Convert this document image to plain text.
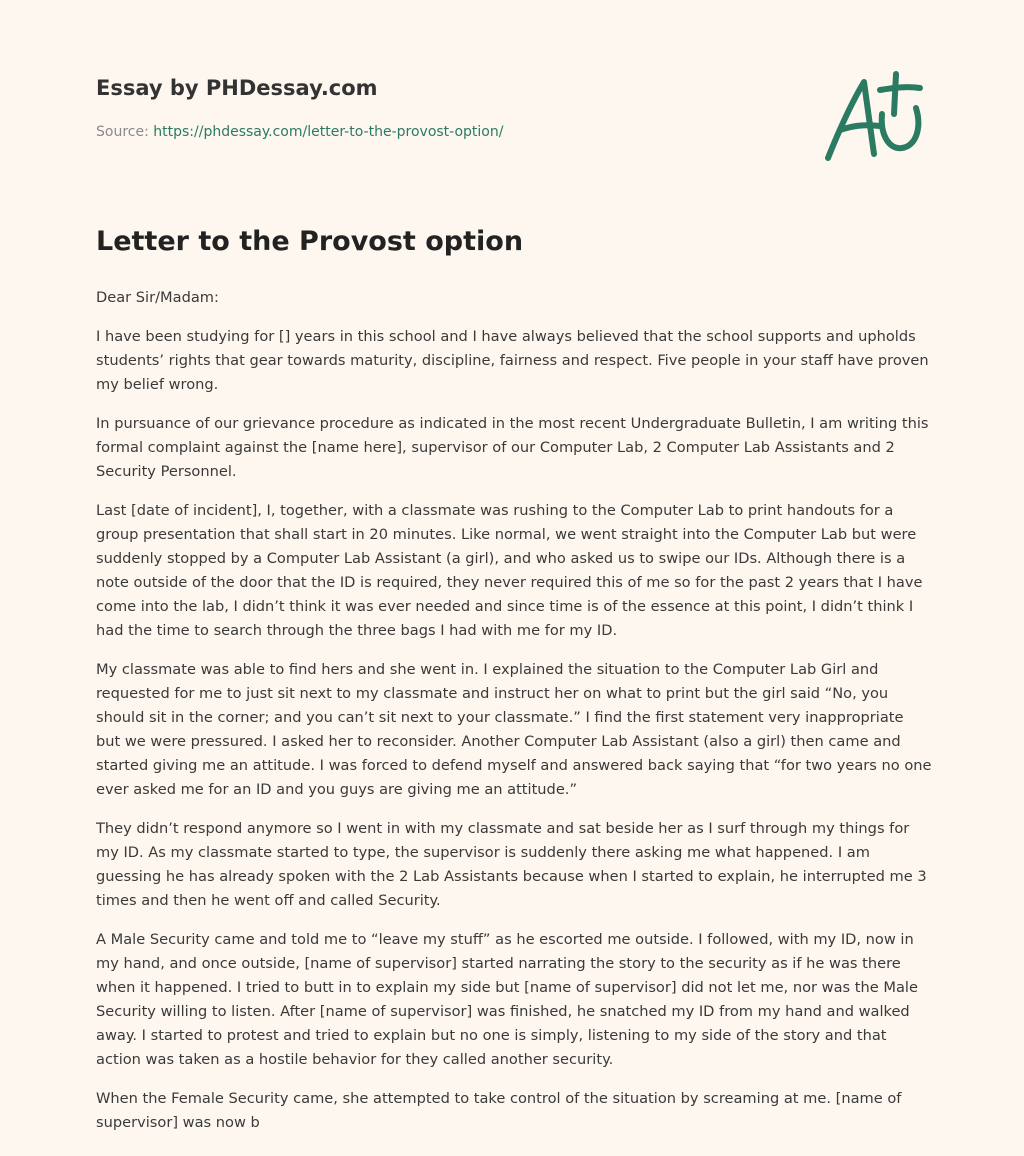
Essay by PHDessay.com
Source: https://phdessay.com/letter-to-the-provost-option/
Letter to the Provost option

Dear Sir/Madam:

I have been studying for [] years in this school and I have always believed that the school supports and upholds students’ rights that gear towards maturity, discipline, fairness and respect. Five people in your staff have proven my belief wrong.

In pursuance of our grievance procedure as indicated in the most recent Undergraduate Bulletin, I am writing this formal complaint against the [name here], supervisor of our Computer Lab, 2 Computer Lab Assistants and 2 Security Personnel.

Last [date of incident], I, together, with a classmate was rushing to the Computer Lab to print handouts for a group presentation that shall start in 20 minutes. Like normal, we went straight into the Computer Lab but were suddenly stopped by a Computer Lab Assistant (a girl), and who asked us to swipe our IDs. Although there is a note outside of the door that the ID is required, they never required this of me so for the past 2 years that I have come into the lab, I didn’t think it was ever needed and since time is of the essence at this point, I didn’t think I had the time to search through the three bags I had with me for my ID.

My classmate was able to find hers and she went in. I explained the situation to the Computer Lab Girl and requested for me to just sit next to my classmate and instruct her on what to print but the girl said “No, you should sit in the corner; and you can’t sit next to your classmate.” I find the first statement very inappropriate but we were pressured. I asked her to reconsider. Another Computer Lab Assistant (also a girl) then came and started giving me an attitude. I was forced to defend myself and answered back saying that “for two years no one ever asked me for an ID and you guys are giving me an attitude.”

They didn’t respond anymore so I went in with my classmate and sat beside her as I surf through my things for my ID. As my classmate started to type, the supervisor is suddenly there asking me what happened. I am guessing he has already spoken with the 2 Lab Assistants because when I started to explain, he interrupted me 3 times and then he went off and called Security.

A Male Security came and told me to “leave my stuff” as he escorted me outside. I followed, with my ID, now in my hand, and once outside, [name of supervisor] started narrating the story to the security as if he was there when it happened. I tried to butt in to explain my side but [name of supervisor] did not let me, nor was the Male Security willing to listen. After [name of supervisor] was finished, he snatched my ID from my hand and walked away. I started to protest and tried to explain but no one is simply, listening to my side of the story and that action was taken as a hostile behavior for they called another security.

When the Female Security came, she attempted to take control of the situation by screaming at me. [name of supervisor] was now b
